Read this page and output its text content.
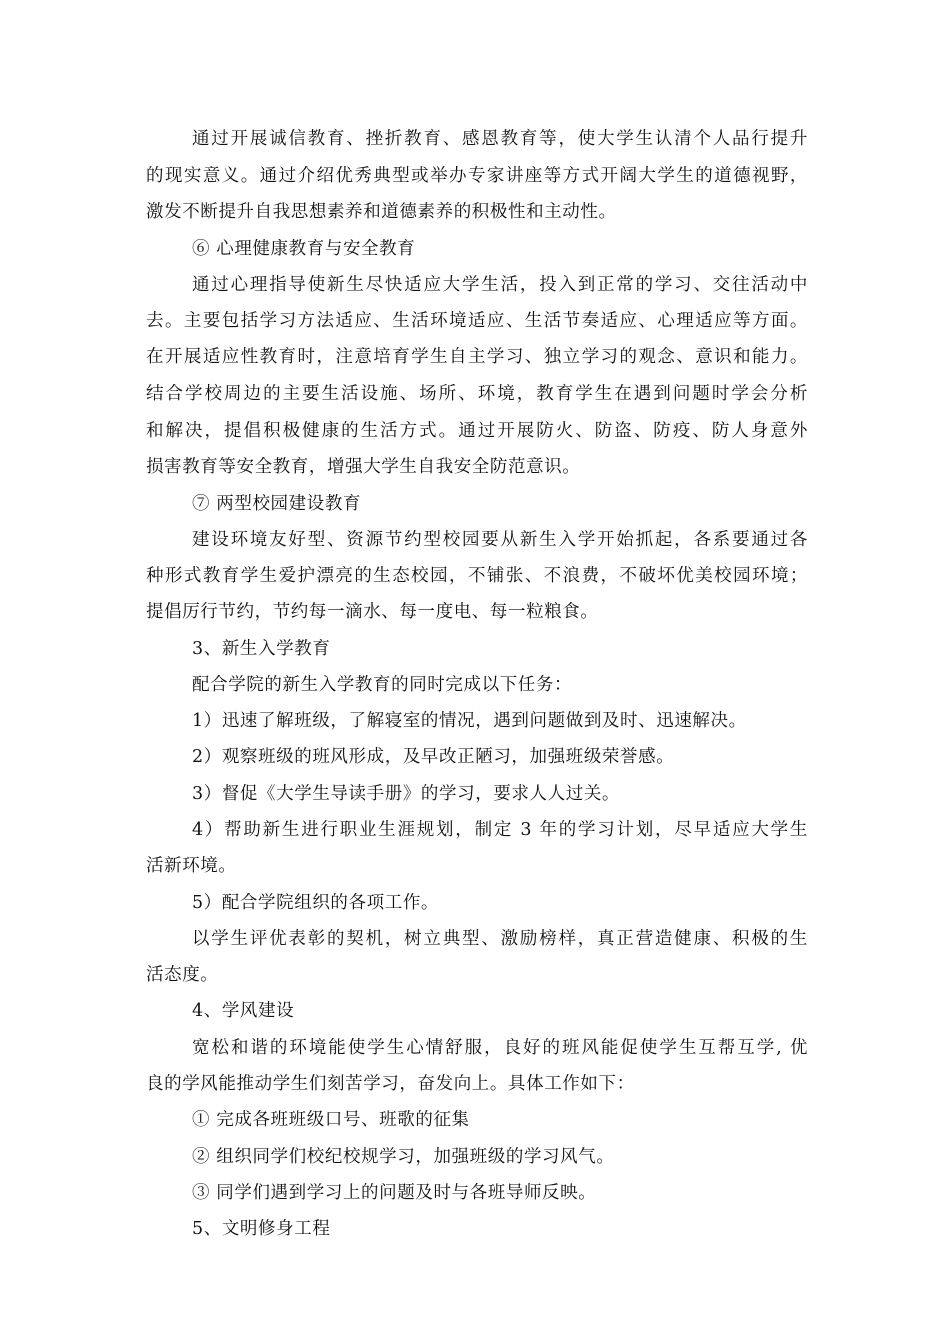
通过开展诚信教育、挫折教育、感恩教育等，使大学生认清个人品行提升
的现实意义。通过介绍优秀典型或举办专家讲座等方式开阔大学生的道德视野，
激发不断提升自我思想素养和道德素养的积极性和主动性。
⑥ 心理健康教育与安全教育
通过心理指导使新生尽快适应大学生活，投入到正常的学习、交往活动中
去。主要包括学习方法适应、生活环境适应、生活节奏适应、心理适应等方面。
在开展适应性教育时，注意培育学生自主学习、独立学习的观念、意识和能力。
结合学校周边的主要生活设施、场所、环境，教育学生在遇到问题时学会分析
和解决，提倡积极健康的生活方式。通过开展防火、防盗、防疫、防人身意外
损害教育等安全教育，增强大学生自我安全防范意识。
⑦ 两型校园建设教育
建设环境友好型、资源节约型校园要从新生入学开始抓起，各系要通过各
种形式教育学生爱护漂亮的生态校园，不铺张、不浪费，不破坏优美校园环境；
提倡厉行节约，节约每一滴水、每一度电、每一粒粮食。
3、新生入学教育
配合学院的新生入学教育的同时完成以下任务：
1）迅速了解班级，了解寝室的情况，遇到问题做到及时、迅速解决。
2）观察班级的班风形成，及早改正陋习，加强班级荣誉感。
3）督促《大学生导读手册》的学习，要求人人过关。
4）帮助新生进行职业生涯规划，制定 3 年的学习计划，尽早适应大学生
活新环境。
5）配合学院组织的各项工作。
以学生评优表彰的契机，树立典型、激励榜样，真正营造健康、积极的生
活态度。
4、学风建设
宽松和谐的环境能使学生心情舒服，良好的班风能促使学生互帮互学, 优
良的学风能推动学生们刻苦学习，奋发向上。具体工作如下：
① 完成各班班级口号、班歌的征集
② 组织同学们校纪校规学习，加强班级的学习风气。
③ 同学们遇到学习上的问题及时与各班导师反映。
5、文明修身工程
